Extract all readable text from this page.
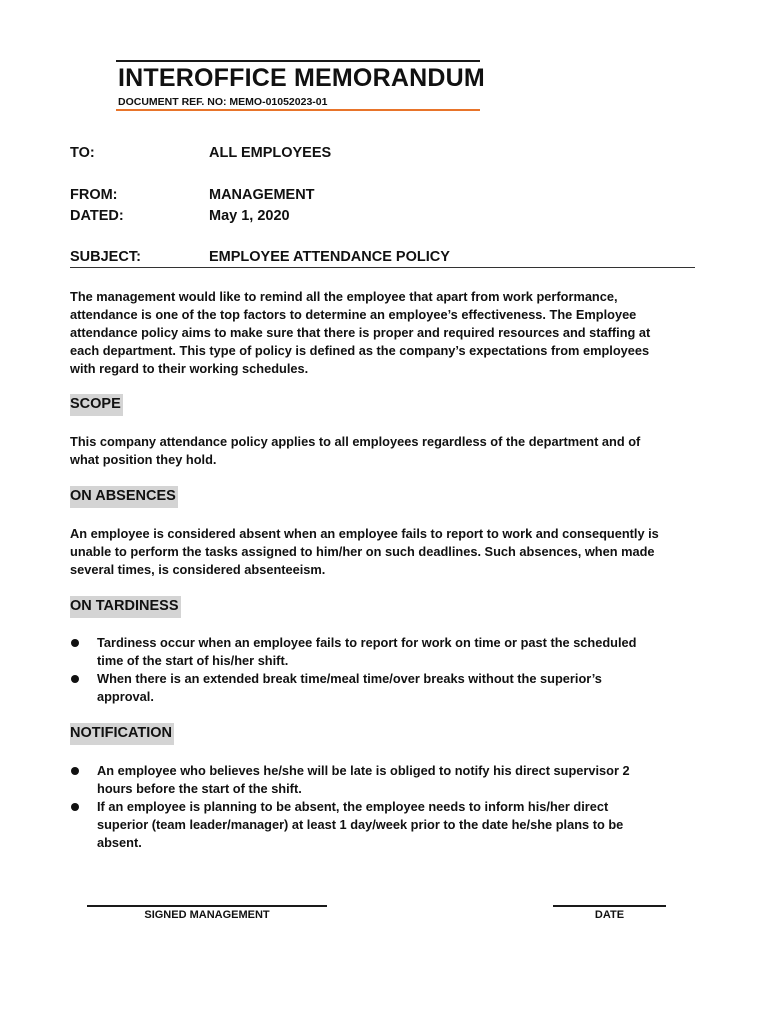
INTEROFFICE MEMORANDUM
DOCUMENT REF. NO: MEMO-01052023-01
TO:	ALL EMPLOYEES
FROM:	MANAGEMENT
DATED:	May 1, 2020
SUBJECT:	EMPLOYEE ATTENDANCE POLICY
The management would like to remind all the employee that apart from work performance,
attendance is one of the top factors to determine an employee’s effectiveness. The Employee
attendance policy aims to make sure that there is proper and required resources and staffing at
each department. This type of policy is defined as the company’s expectations from employees
with regard to their working schedules.
SCOPE
This company attendance policy applies to all employees regardless of the department and of
what position they hold.
ON ABSENCES
An employee is considered absent when an employee fails to report to work and consequently is
unable to perform the tasks assigned to him/her on such deadlines. Such absences, when made
several times, is considered absenteeism.
ON TARDINESS
Tardiness occur when an employee fails to report for work on time or past the scheduled
time of the start of his/her shift.
When there is an extended break time/meal time/over breaks without the superior’s
approval.
NOTIFICATION
An employee who believes he/she will be late is obliged to notify his direct supervisor 2
hours before the start of the shift.
If an employee is planning to be absent, the employee needs to inform his/her direct
superior (team leader/manager) at least 1 day/week prior to the date he/she plans to be
absent.
SIGNED MANAGEMENT	DATE
